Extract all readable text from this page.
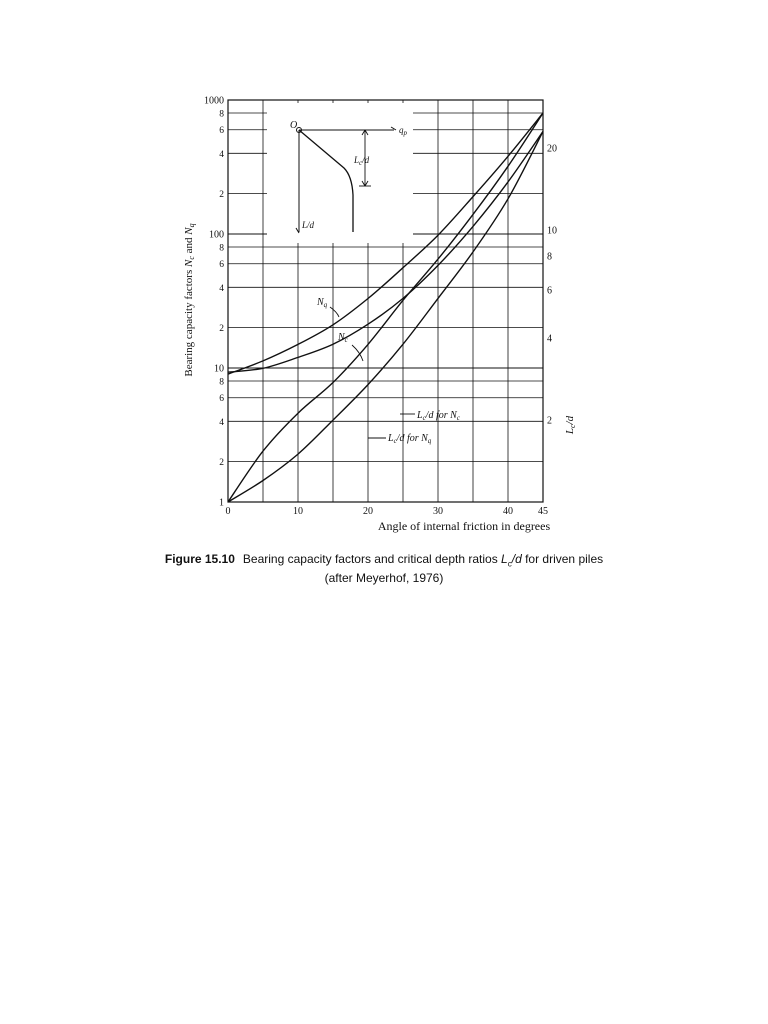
0	10	20	30	40	45
1
2
4
6
8
10
2
4
6
8
100
2
4
6
8
1000
2
4
6
8
10
20
O	$q_p$
L/d
$L_c/d$
$N_q$
$N_c$
$L_c/d$ for $N_c$
$L_c/d$ for $N_q$
Angle of internal friction in degrees
Bearing capacity factors Nc and Nq
Lc/d
Figure 15.10 Bearing capacity factors and critical depth ratios $L_c/d$ for driven piles
(after Meyerhof, 1976)
